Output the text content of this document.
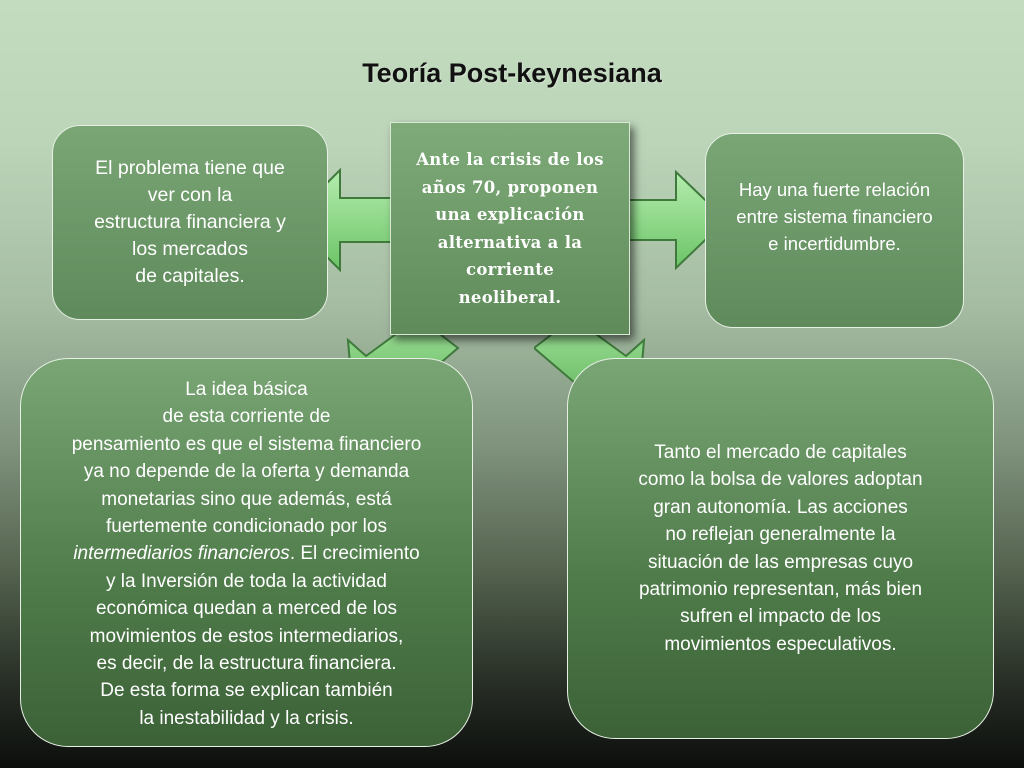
Teoría Post-keynesiana

El problema tiene que

ver con la

estructura financiera y

los mercados

de capitales.

Hay una fuerte relación

entre sistema financiero

e incertidumbre.

La idea básica

de esta corriente de

pensamiento es que el sistema financiero

ya no depende de la oferta y demanda

monetarias sino que además, está

fuertemente condicionado por los

intermediarios financieros. El crecimiento

y la Inversión de toda la actividad

económica quedan a merced de los

movimientos de estos intermediarios,

es decir, de la estructura financiera.

De esta forma se explican también

la inestabilidad y la crisis.

Tanto el mercado de capitales

como la bolsa de valores adoptan

gran autonomía. Las acciones

no reflejan generalmente la

situación de las empresas cuyo

patrimonio representan, más bien

sufren el impacto de los

movimientos especulativos.

Ante la crisis de los

años 70, proponen

una explicación

alternativa a la

corriente

neoliberal.
